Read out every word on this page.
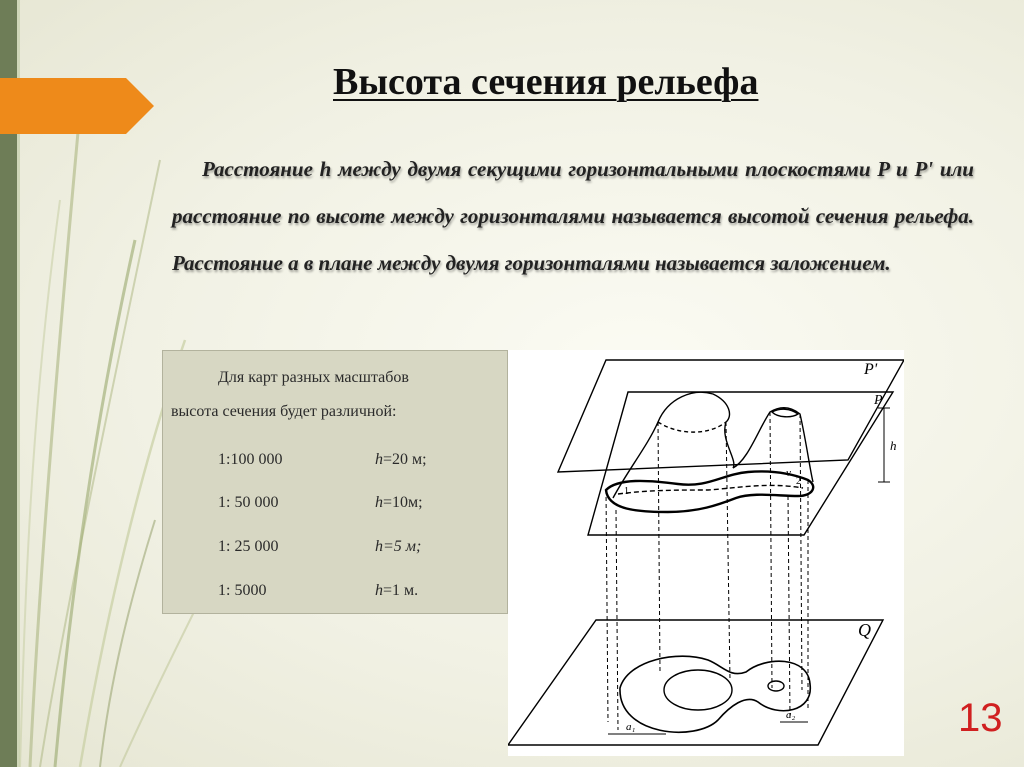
Высота сечения рельефа

Расстояние h между двумя секущими горизонтальными плоскостями P и P' или расстояние по высоте между горизонталями называется высотой сечения рельефа. Расстояние а в плане между двумя горизонталями называется заложением.

Для карт разных масштабов
высота сечения будет различной:
1:100 000	h=20 м;
1: 50 000	h=10м;
1: 25 000	h=5 м;
1: 5000	h=1 м.
P'
P
h
Q
a₁
a₂
v
1
2
13
